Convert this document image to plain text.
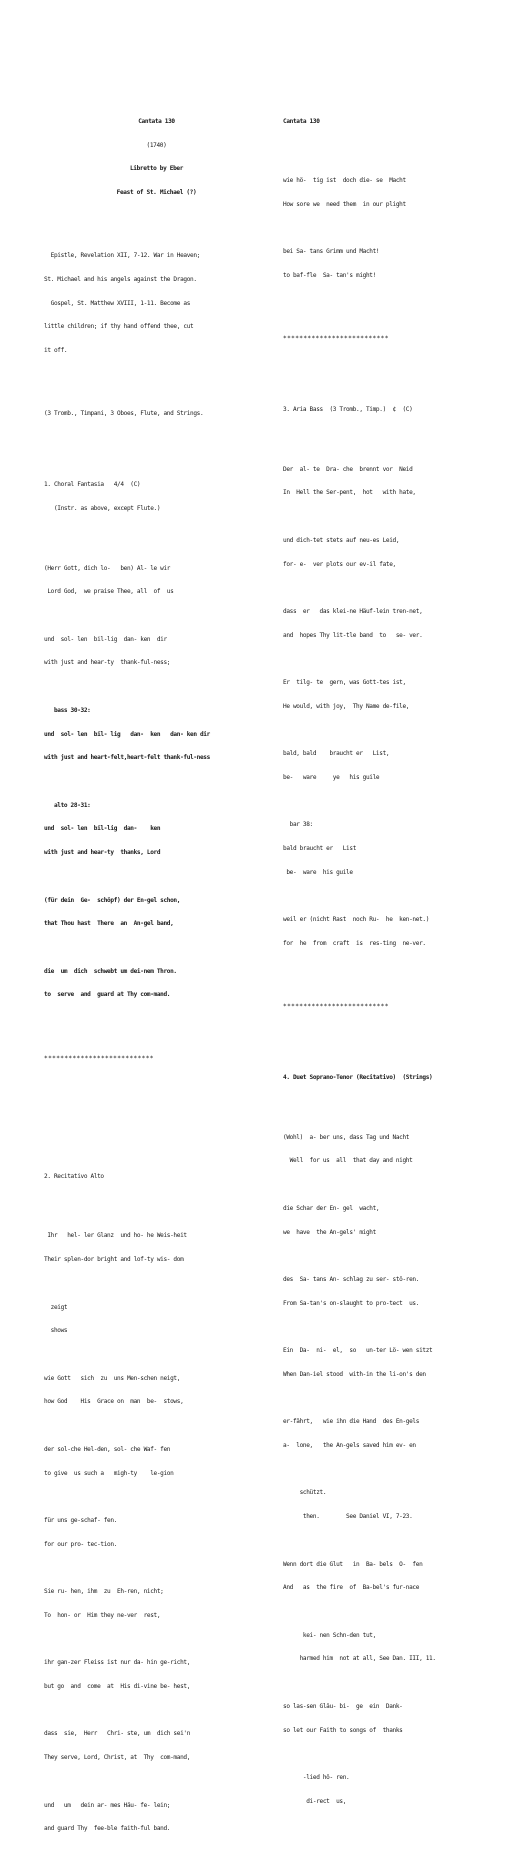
Cantata 130

(1740)

Libretto by Eber

Feast of St. Michael (?)

Epistle, Revelation XII, 7-12. War in Heaven;

St. Michael and his angels against the Dragon.

Gospel, St. Matthew XVIII, 1-11. Become as

little children; if thy hand offend thee, cut

it off.

(3 Tromb., Timpani, 3 Oboes, Flute, and Strings.

1. Choral Fantasia   4/4  (C)

(Instr. as above, except Flute.)

(Herr Gott, dich lo-   ben) Al- le wir

Lord God,  we praise Thee, all  of  us

und  sol- len  bil-lig  dan- ken  dir

with just and hear-ty  thank-ful-ness;

bass 30-32:

und  sol- len  bil- lig   dan-  ken   dan- ken dir

with just and heart-felt,heart-felt thank-ful-ness

alto 28-31:

und  sol- len  bil-lig  dan-    ken

with just and hear-ty  thanks, Lord

(für dein  Ge-  schöpf) der En-gel schon,

that Thou hast  There  an  An-gel band,

die  um  dich  schwebt um dei-nem Thron.

to  serve  and  guard at Thy com-mand.

***************************

2. Recitativo Alto

Ihr   hel- ler Glanz  und ho- he Weis-heit

Their splen-dor bright and lof-ty wis- dom

zeigt

shows

wie Gott   sich  zu  uns Men-schen neigt,

how God    His  Grace on  man  be-  stows,

der sol-che Hel-den, sol- che Waf- fen

to give  us such a   migh-ty    le-gion

für uns ge-schaf- fen.

for our pro- tec-tion.

Sie ru- hen, ihm  zu  Eh-ren, nicht;

To  hon- or  Him they ne-ver  rest,

ihr gan-zer Fleiss ist nur da- hin ge-richt,

but go  and  come  at  His di-vine be- hest,

dass  sie,  Herr   Chri- ste, um  dich sei'n

They serve, Lord, Christ, at  Thy  com-mand,

und   um   dein ar- mes Häu- fe- lein;

and guard Thy  fee-ble faith-ful band.

Cantata 130

wie hö-  tig ist  doch die- se  Macht

How sore we  need them  in our plight

bei Sa- tans Grimm und Macht!

to baf-fle  Sa- tan's might!

**************************

3. Aria Bass  (3 Tromb., Timp.)  ¢  (C)

Der  al- te  Dra- che  brennt vor  Neid

In  Hell the Ser-pent,  hot   with hate,

und dich-tet stets auf neu-es Leid,

for- e-  ver plots our ev-il fate,

dass  er   das klei-ne Häuf-lein tren-net,

and  hopes Thy lit-tle band  to   se- ver.

Er  tilg- te  gern, was Gott-tes ist,

He would, with joy,  Thy Name de-file,

bald, bald    braucht er   List,

be-   ware     ye   his guile

bar 38:

bald braucht er   List

be-  ware  his guile

weil er (nicht Rast  noch Ru-  he  ken-net.)

for  he  from  craft  is  res-ting  ne-ver.

**************************

4. Duet Soprano-Tenor (Recitativo)  (Strings)

(Wohl)  a- ber uns, dass Tag und Nacht

Well  for us  all  that day and night

die Schar der En- gel  wacht,

we  have  the An-gels' might

des  Sa- tans An- schlag zu ser- stö-ren.

From Sa-tan's on-slaught to pro-tect  us.

Ein  Da-  ni-  el,  so   un-ter Lö- wen sitzt

When Dan-iel stood  with-in the li-on's den

er-fährt,   wie ihn die Hand  des En-gels

a-  lone,   the An-gels saved him ev- en

schützt.

then.        See Daniel VI, 7-23.

Wenn dort die Glut   in  Ba- bels  O-  fen

And   as  the fire  of  Ba-bel's fur-nace

kei- nen Schn-den tut,

harmed him  not at all, See Dan. III, 11.

so las-sen Gläu- bi-  ge  ein  Dank-

so let our Faith to songs of  thanks

-lied hö- ren.

di-rect  us,
